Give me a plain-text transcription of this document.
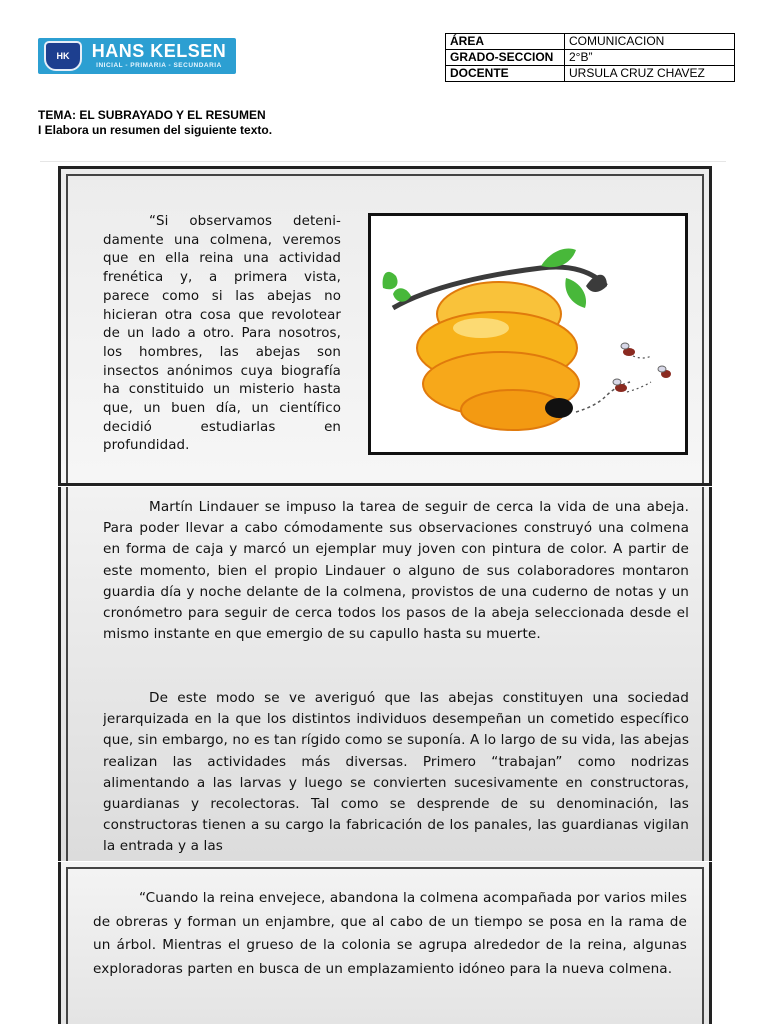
HK HANS KELSEN
INICIAL - PRIMARIA - SECUNDARIA
ÁREA	COMUNICACION
GRADO-SECCION	2°B”
DOCENTE	URSULA CRUZ CHAVEZ
TEMA: EL SUBRAYADO Y EL RESUMEN
I Elabora un resumen del siguiente texto.
“Si observamos deteni-damente una colmena, veremos que en ella reina una actividad frenética y, a primera vista, parece como si las abejas no hicieran otra cosa que revolotear de un lado a otro. Para nosotros, los hombres, las abejas son insectos anónimos cuya biografía ha constituido un misterio hasta que, un buen día, un científico decidió estudiarlas en profundidad.
Martín Lindauer se impuso la tarea de seguir de cerca la vida de una abeja. Para poder llevar a cabo cómodamente sus observaciones construyó una colmena en forma de caja y marcó un ejemplar muy joven con pintura de color. A partir de este momento, bien el propio Lindauer o alguno de sus colaboradores montaron guardia día y noche delante de la colmena, provistos de una cuderno de notas y un cronómetro para seguir de cerca todos los pasos de la abeja seleccionada desde el mismo instante en que emergio de su capullo hasta su muerte.
De este modo se ve averiguó que las abejas constituyen una sociedad jerarquizada en la que los distintos individuos desempeñan un cometido específico que, sin embargo, no es tan rígido como se suponía. A lo largo de su vida, las abejas realizan las actividades más diversas. Primero “trabajan” como nodrizas alimentando a las larvas y luego se convierten sucesivamente en constructoras, guardianas y recolectoras. Tal como se desprende de su denominación, las constructoras tienen a su cargo la fabricación de los panales, las guardianas vigilan la entrada y a las
“Cuando la reina envejece, abandona la colmena acompañada por varios miles de obreras y forman un enjambre, que al cabo de un tiempo se posa en la rama de un árbol. Mientras el grueso de la colonia se agrupa alrededor de la reina, algunas exploradoras parten en busca de un emplazamiento idóneo para la nueva colmena.
